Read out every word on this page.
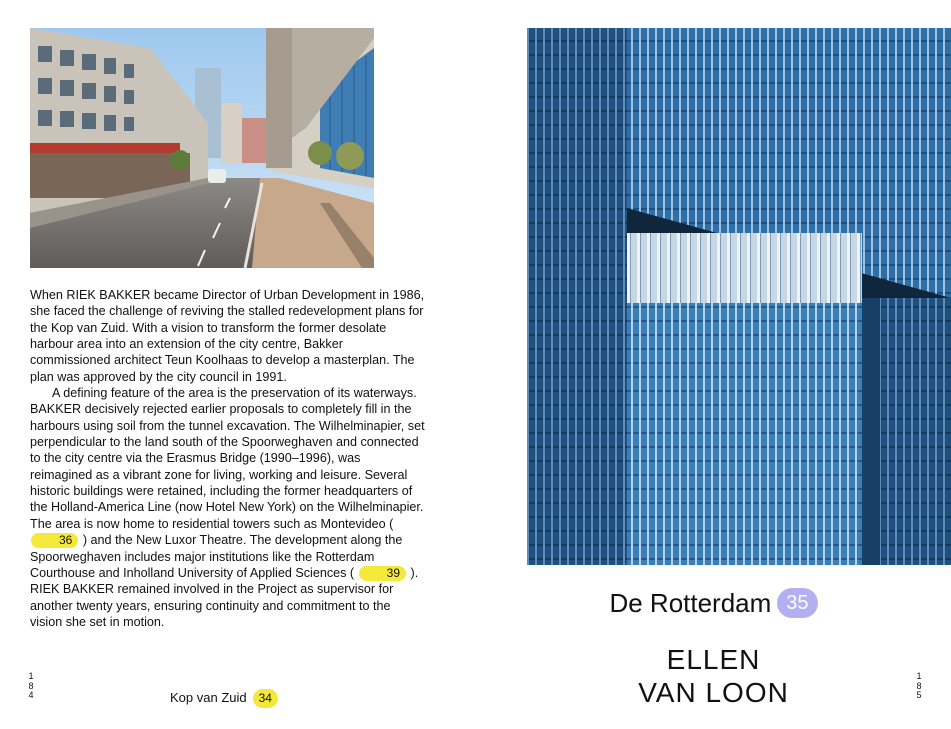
When RIEK BAKKER became Director of Urban Development in 1986, she faced the challenge of reviving the stalled redevelopment plans for the Kop van Zuid. With a vision to transform the former desolate harbour area into an extension of the city centre, Bakker commissioned architect Teun Koolhaas to develop a masterplan. The plan was approved by the city council in 1991.

A defining feature of the area is the preservation of its waterways. BAKKER decisively rejected earlier proposals to completely fill in the harbours using soil from the tunnel excavation. The Wilhelminapier, set perpendicular to the land south of the Spoorweghaven and connected to the city centre via the Erasmus Bridge (1990–1996), was reimagined as a vibrant zone for living, working and leisure. Several historic buildings were retained, including the former headquarters of the Holland-America Line (now Hotel New York) on the Wilhelminapier. The area is now home to residential towers such as Montevideo ( 36 ) and the New Luxor Theatre. The development along the Spoorweghaven includes major institutions like the Rotterdam Courthouse and Inholland University of Applied Sciences (	39 ). RIEK BAKKER remained involved in the Project as supervisor for another twenty years, ensuring continuity and commitment to the vision she set in motion.

1
8
4	Kop van Zuid 34
De Rotterdam 35
ELLEN
VAN LOON
1
8
5
